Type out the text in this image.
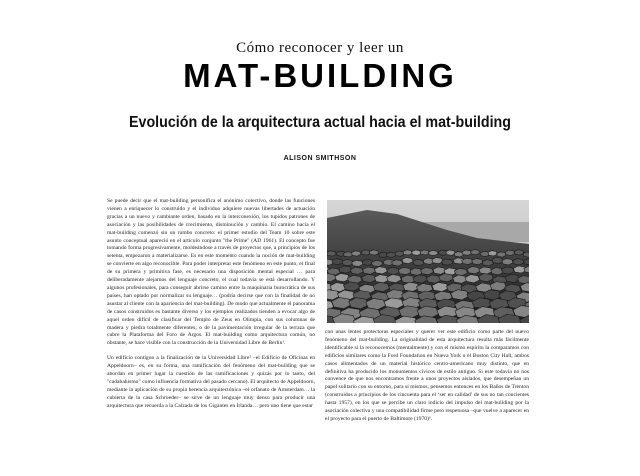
Cómo reconocer y leer un
MAT-BUILDING
Evolución de la arquitectura actual hacia el mat-building
ALISON SMITHSON

Se puede decir que el mat-building personifica el anónimo colectivo, donde las funciones vienen a enriquecer lo construido y el individuo adquiere nuevas libertades de actuación gracias a un nuevo y cambiante orden, basado en la interconexión, los tupidos patrones de asociación y las posibilidades de crecimiento, disminución y cambio. El camino hacia el mat-building comenzó sin un rumbo concreto: el primer estudio del Team 10 sobre este asunto conceptual apareció en el artículo conjunto "the Prime" (AD 1961). El concepto fue tomando forma progresivamente, moldeándose a través de proyectos que, a principios de los setenta, empezaron a materializarse. Es en este momento cuando la noción de mat-building se convierte en algo reconocible. Para poder interpretar este fenómeno en este punto, el final de su primera y primitiva fase, es necesario una disposición mental especial … para deliberadamente alejarnos del lenguaje concreto, el cual todavía se está desarrollando. Y algunos profesionales, para conseguir abrirse camino entre la maquinaria burocrática de sus países, han optado por normalizar su lenguaje… (podría decirse que con la finalidad de no asustar al cliente con la apariencia del mat-building). De modo que actualmente el panorama de casos construidos es bastante diverso y los ejemplos realizados tienden a evocar algo de aquel orden difícil de clasificar del Templo de Zeus en Olimpia, con sus columnas de madera y piedra totalmente diferentes; o de la pavimentación irregular de la terraza que cubre la Plataforma del Foro de Argos. El mat-building como arquitectura común, no obstante, se hace visible con la construcción de la Universidad Libre de Berlín¹.

Un edificio contiguo a la finalización de la Universidad Libre² –el Edificio de Oficinas en Appeldoorn– es, en su forma, una ramificación del fenómeno del mat-building que se abordan en primer lugar la cuestión de las ramificaciones y quizás por lo tanto, del "cadabahismo" como influencia formativa del pasado cercano). El arquitecto de Appeldoorn, mediante la aplicación de su propia herencia arquitectónica –el orfanato de Amsterdam… la cubierta de la casa Schroeder– se sirve de un lenguaje muy denso para producir una arquitectura que recuerda a la Calzada de los Gigantes en Irlanda… pero uno tiene que estar

con unas lentes protectoras especiales y querer ver este edificio como parte del nuevo fenómeno del mat-building. La originalidad de esta arquitectura resulta más fácilmente identificable si la reconocemos (mentalmente) y con el mismo espíritu la comparamos con edificios similares como la Ford Foundation en Nueva York o el Boston City Hall, ambos casos alimentados de un material histórico centro-americano muy distinto, que en definitiva ha producido los monumentos cívicos de estilo antiguo. Si este todavía no nos convence de que nos encontramos frente a unos proyectos aislados, que desempeñan un papel solitario con su entorno, para sí mismos, pensemos entonces en los Baños de Trenton (construidos a principios de los cincuenta para el ‘ser en calidad’ de sus no tan concientes hasta 1957), en los que se percibe un claro indicio del impulso del mat-building por la asociación colectiva y una compatibilidad firme pero respetuosa –que vuelve a aparecer en el proyecto para el puerto de Baltimore (1970)³.
